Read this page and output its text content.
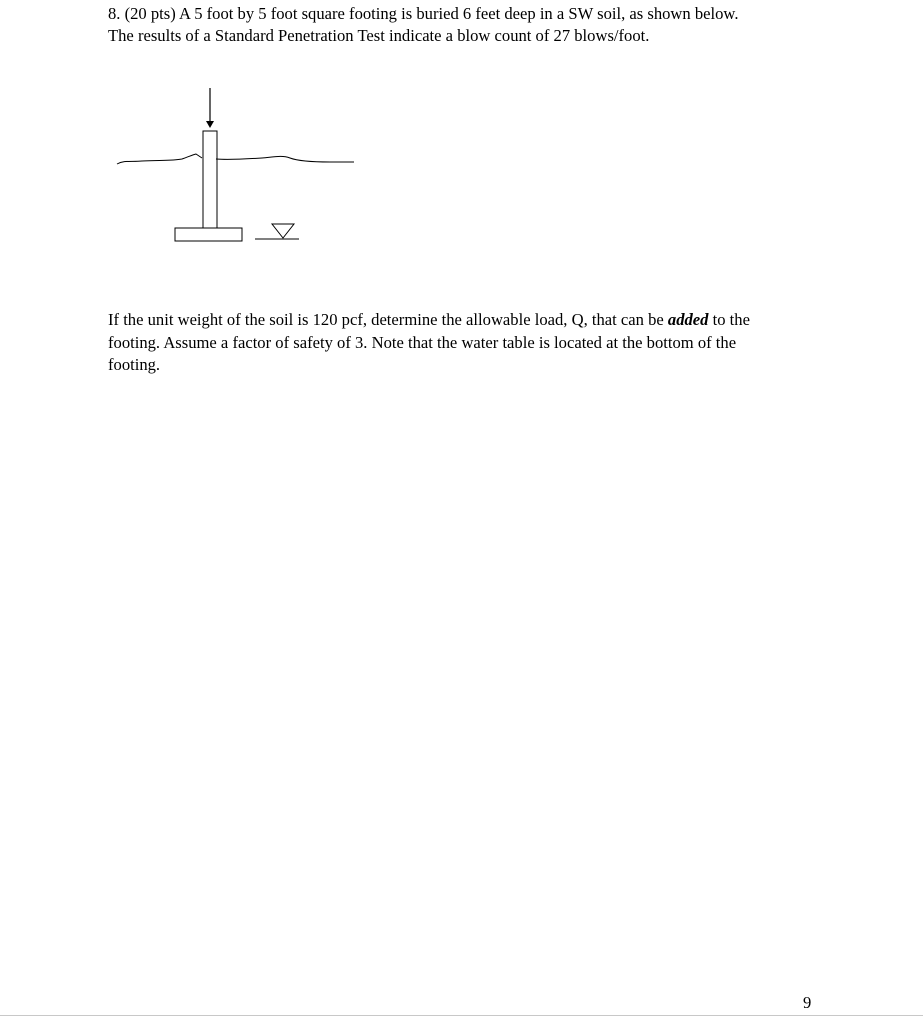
8. (20 pts) A 5 foot by 5 foot square footing is buried 6 feet deep in a SW soil, as shown below.
The results of a Standard Penetration Test indicate a blow count of 27 blows/foot.

If the unit weight of the soil is 120 pcf, determine the allowable load, Q, that can be added to the
footing. Assume a factor of safety of 3. Note that the water table is located at the bottom of the
footing.

9
